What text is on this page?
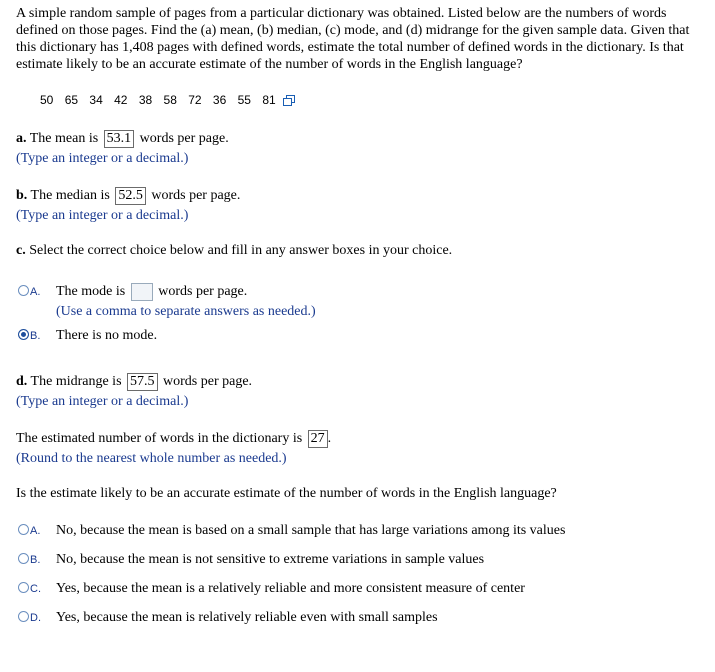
A simple random sample of pages from a particular dictionary was obtained. Listed below are the numbers of words defined on those pages. Find the (a) mean, (b) median, (c) mode, and (d) midrange for the given sample data. Given that this dictionary has 1,408 pages with defined words, estimate the total number of defined words in the dictionary. Is that estimate likely to be an accurate estimate of the number of words in the English language?
50 65 34 42 38 58 72 36 55 81
a. The mean is 53.1 words per page.
(Type an integer or a decimal.)
b. The median is 52.5 words per page.
(Type an integer or a decimal.)
c. Select the correct choice below and fill in any answer boxes in your choice.
A. The mode is words per page.
(Use a comma to separate answers as needed.)
B. There is no mode.
d. The midrange is 57.5 words per page.
(Type an integer or a decimal.)
The estimated number of words in the dictionary is 27 .
(Round to the nearest whole number as needed.)
Is the estimate likely to be an accurate estimate of the number of words in the English language?
A. No, because the mean is based on a small sample that has large variations among its values
B. No, because the mean is not sensitive to extreme variations in sample values
C. Yes, because the mean is a relatively reliable and more consistent measure of center
D. Yes, because the mean is relatively reliable even with small samples
